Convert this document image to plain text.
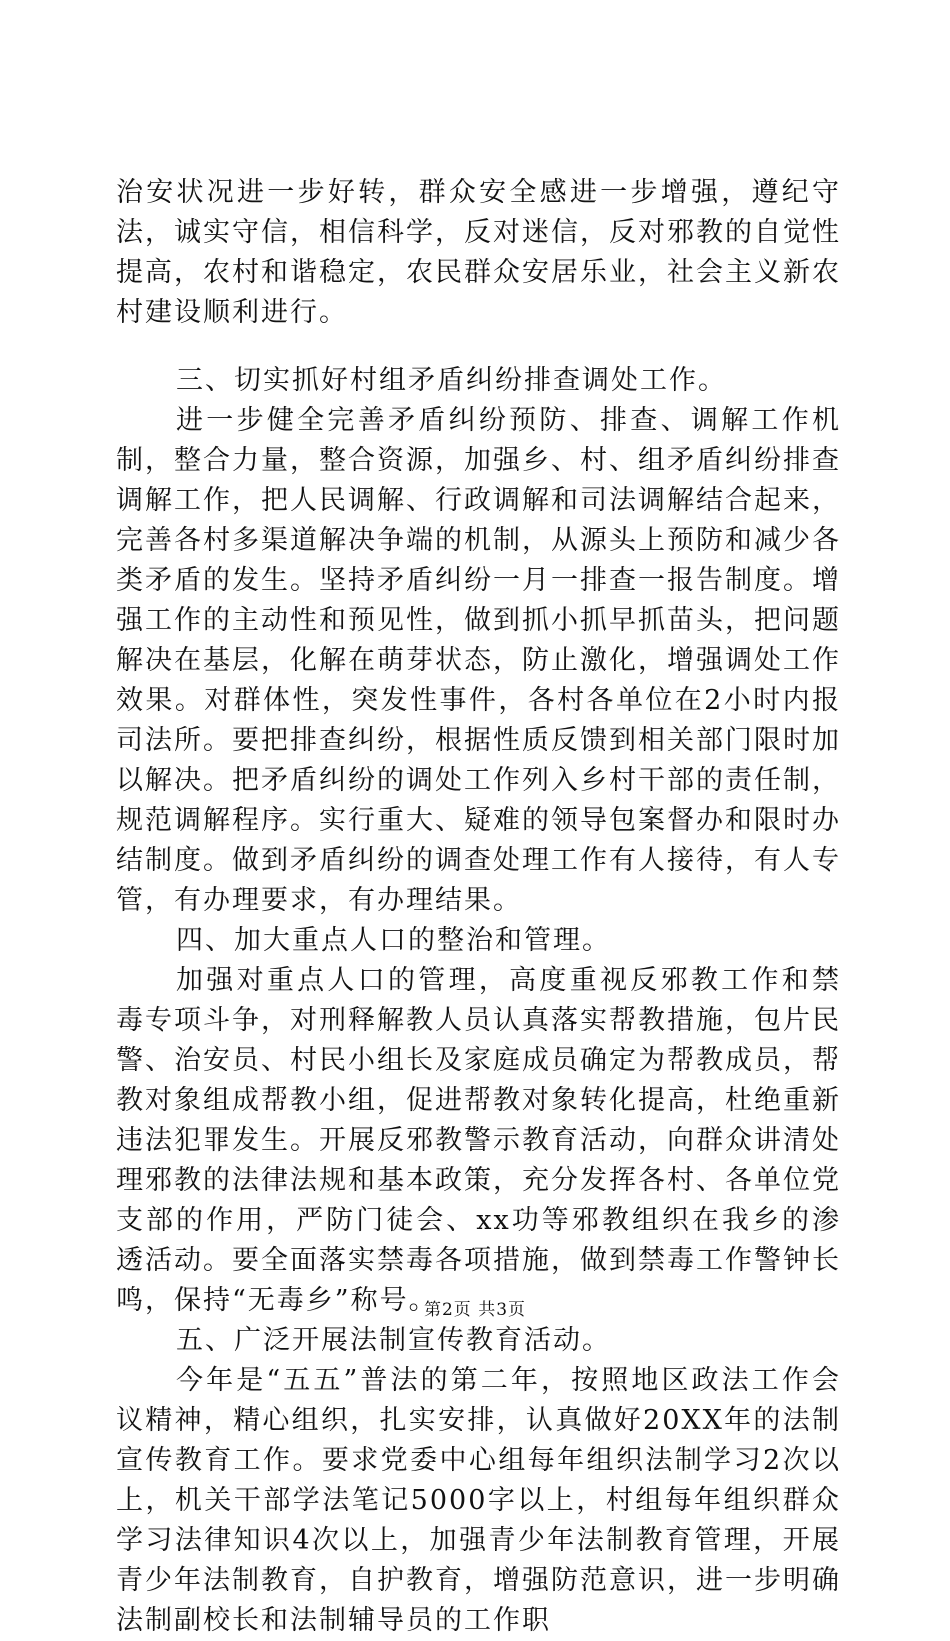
治安状况进一步好转，群众安全感进一步增强，遵纪守法，诚实守信，相信科学，反对迷信，反对邪教的自觉性提高，农村和谐稳定，农民群众安居乐业，社会主义新农村建设顺利进行。

三、切实抓好村组矛盾纠纷排查调处工作。

进一步健全完善矛盾纠纷预防、排查、调解工作机制，整合力量，整合资源，加强乡、村、组矛盾纠纷排查调解工作，把人民调解、行政调解和司法调解结合起来，完善各村多渠道解决争端的机制，从源头上预防和减少各类矛盾的发生。坚持矛盾纠纷一月一排查一报告制度。增强工作的主动性和预见性，做到抓小抓早抓苗头，把问题解决在基层，化解在萌芽状态，防止激化，增强调处工作效果。对群体性，突发性事件，各村各单位在2小时内报司法所。要把排查纠纷，根据性质反馈到相关部门限时加以解决。把矛盾纠纷的调处工作列入乡村干部的责任制，规范调解程序。实行重大、疑难的领导包案督办和限时办结制度。做到矛盾纠纷的调查处理工作有人接待，有人专管，有办理要求，有办理结果。

四、加大重点人口的整治和管理。

加强对重点人口的管理，高度重视反邪教工作和禁毒专项斗争，对刑释解教人员认真落实帮教措施，包片民警、治安员、村民小组长及家庭成员确定为帮教成员，帮教对象组成帮教小组，促进帮教对象转化提高，杜绝重新违法犯罪发生。开展反邪教警示教育活动，向群众讲清处理邪教的法律法规和基本政策，充分发挥各村、各单位党支部的作用，严防门徒会、xx功等邪教组织在我乡的渗透活动。要全面落实禁毒各项措施，做到禁毒工作警钟长鸣，保持“无毒乡”称号。

五、广泛开展法制宣传教育活动。

今年是“五五”普法的第二年，按照地区政法工作会议精神，精心组织，扎实安排，认真做好20XX年的法制宣传教育工作。要求党委中心组每年组织法制学习2次以上，机关干部学法笔记5000字以上，村组每年组织群众学习法律知识4次以上，加强青少年法制教育管理，开展青少年法制教育，自护教育，增强防范意识，进一步明确法制副校长和法制辅导员的工作职

第2页 共3页
